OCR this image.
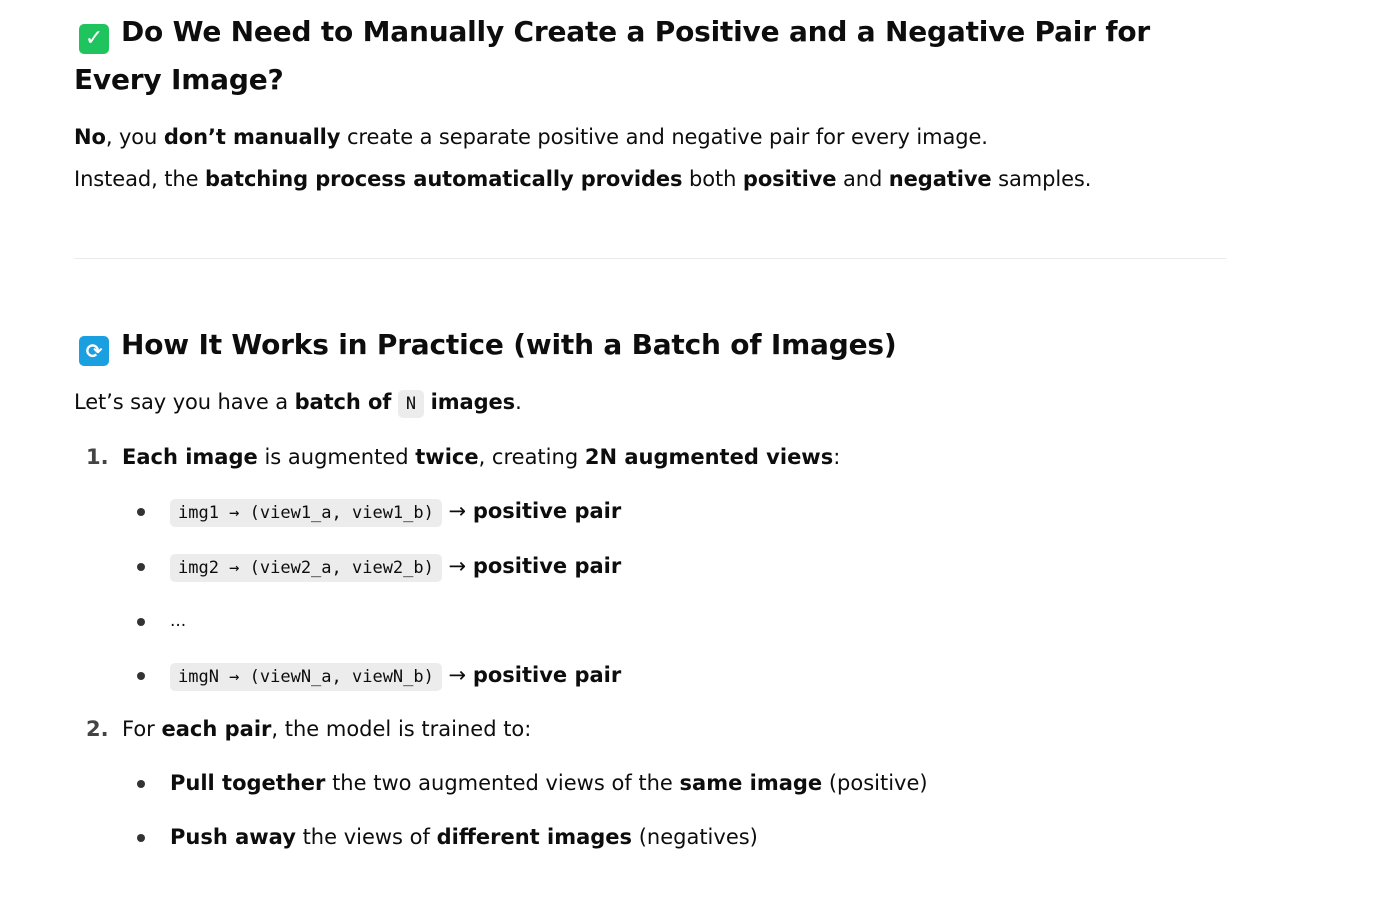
✓ Do We Need to Manually Create a Positive and a Negative Pair for Every Image?

No, you don’t manually create a separate positive and negative pair for every image.

Instead, the batching process automatically provides both positive and negative samples.

⟳ How It Works in Practice (with a Batch of Images)

Let’s say you have a batch of N images.

1. Each image is augmented twice, creating 2N augmented views:
img1 → (view1_a, view1_b) → positive pair
img2 → (view2_a, view2_b) → positive pair
...
imgN → (viewN_a, viewN_b) → positive pair
2. For each pair, the model is trained to:
Pull together the two augmented views of the same image (positive)
Push away the views of different images (negatives)
